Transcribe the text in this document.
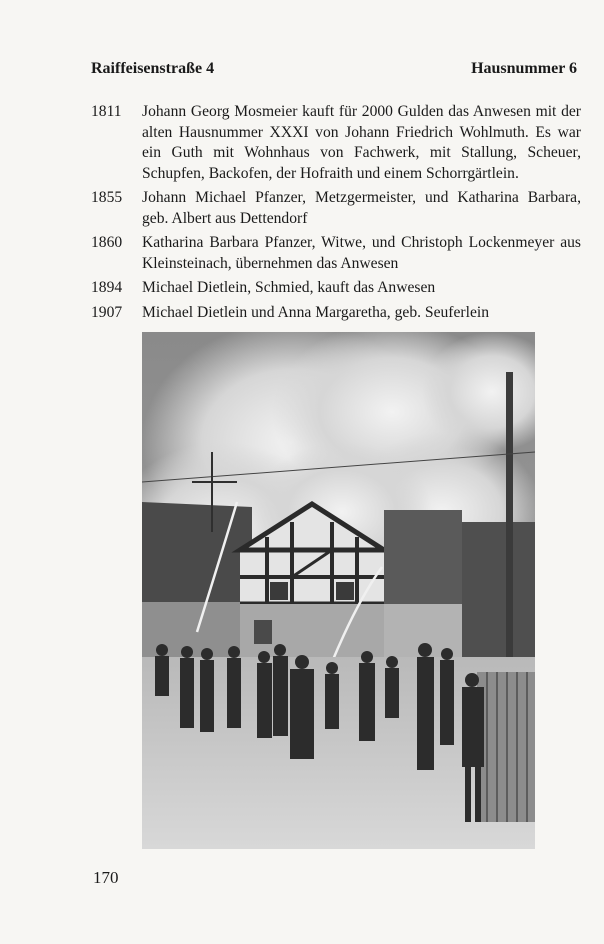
Raiffeisenstraße 4	Hausnummer 6
1811	Johann Georg Mosmeier kauft für 2000 Gulden das Anwesen mit der alten Hausnummer XXXI von Johann Friedrich Wohlmuth. Es war ein Guth mit Wohnhaus von Fachwerk, mit Stallung, Scheuer, Schupfen, Backofen, der Hofraith und einem Schorrgärtlein.
1855	Johann Michael Pfanzer, Metzgermeister, und Katharina Barbara, geb. Albert aus Dettendorf
1860	Katharina Barbara Pfanzer, Witwe, und Christoph Lockenmeyer aus Kleinsteinach, übernehmen das Anwesen
1894	Michael Dietlein, Schmied, kauft das Anwesen
1907	Michael Dietlein und Anna Margaretha, geb. Seuferlein
170
